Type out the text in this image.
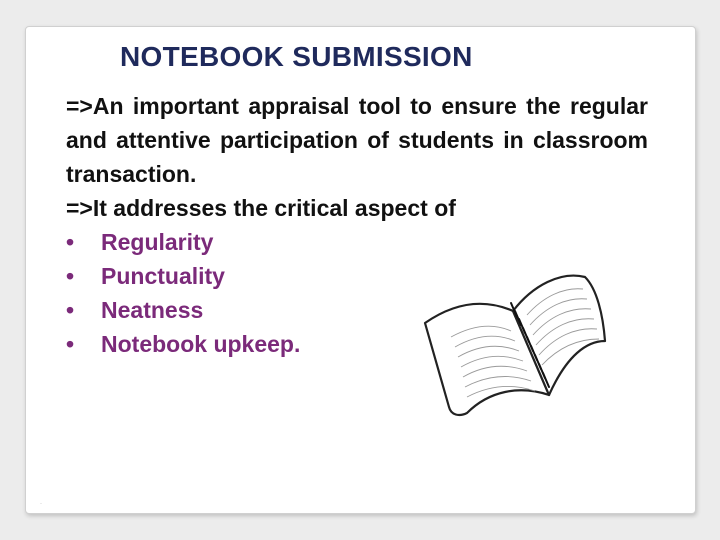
NOTEBOOK SUBMISSION
=>An important appraisal tool to ensure the regular and attentive participation of students in classroom transaction.
=>It addresses the critical aspect of
•	Regularity
•	Punctuality
•	Neatness
•	Notebook upkeep.
·
